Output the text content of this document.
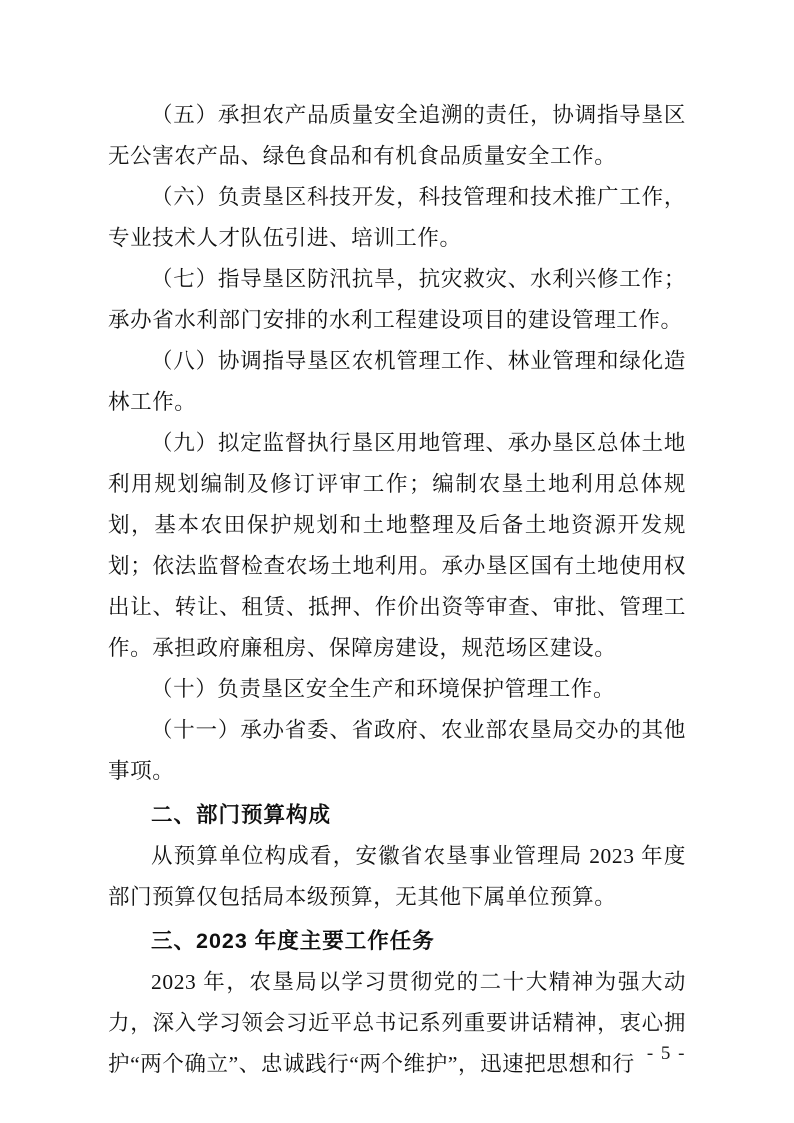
（五）承担农产品质量安全追溯的责任，协调指导垦区无公害农产品、绿色食品和有机食品质量安全工作。

（六）负责垦区科技开发，科技管理和技术推广工作，专业技术人才队伍引进、培训工作。

（七）指导垦区防汛抗旱，抗灾救灾、水利兴修工作；承办省水利部门安排的水利工程建设项目的建设管理工作。

（八）协调指导垦区农机管理工作、林业管理和绿化造林工作。

（九）拟定监督执行垦区用地管理、承办垦区总体土地利用规划编制及修订评审工作；编制农垦土地利用总体规划，基本农田保护规划和土地整理及后备土地资源开发规划；依法监督检查农场土地利用。承办垦区国有土地使用权出让、转让、租赁、抵押、作价出资等审查、审批、管理工作。承担政府廉租房、保障房建设，规范场区建设。

（十）负责垦区安全生产和环境保护管理工作。

（十一）承办省委、省政府、农业部农垦局交办的其他事项。

二、部门预算构成

从预算单位构成看，安徽省农垦事业管理局 2023 年度部门预算仅包括局本级预算，无其他下属单位预算。

三、2023 年度主要工作任务

2023 年，农垦局以学习贯彻党的二十大精神为强大动力，深入学习领会习近平总书记系列重要讲话精神，衷心拥护“两个确立”、忠诚践行“两个维护”，迅速把思想和行 - 5 -
